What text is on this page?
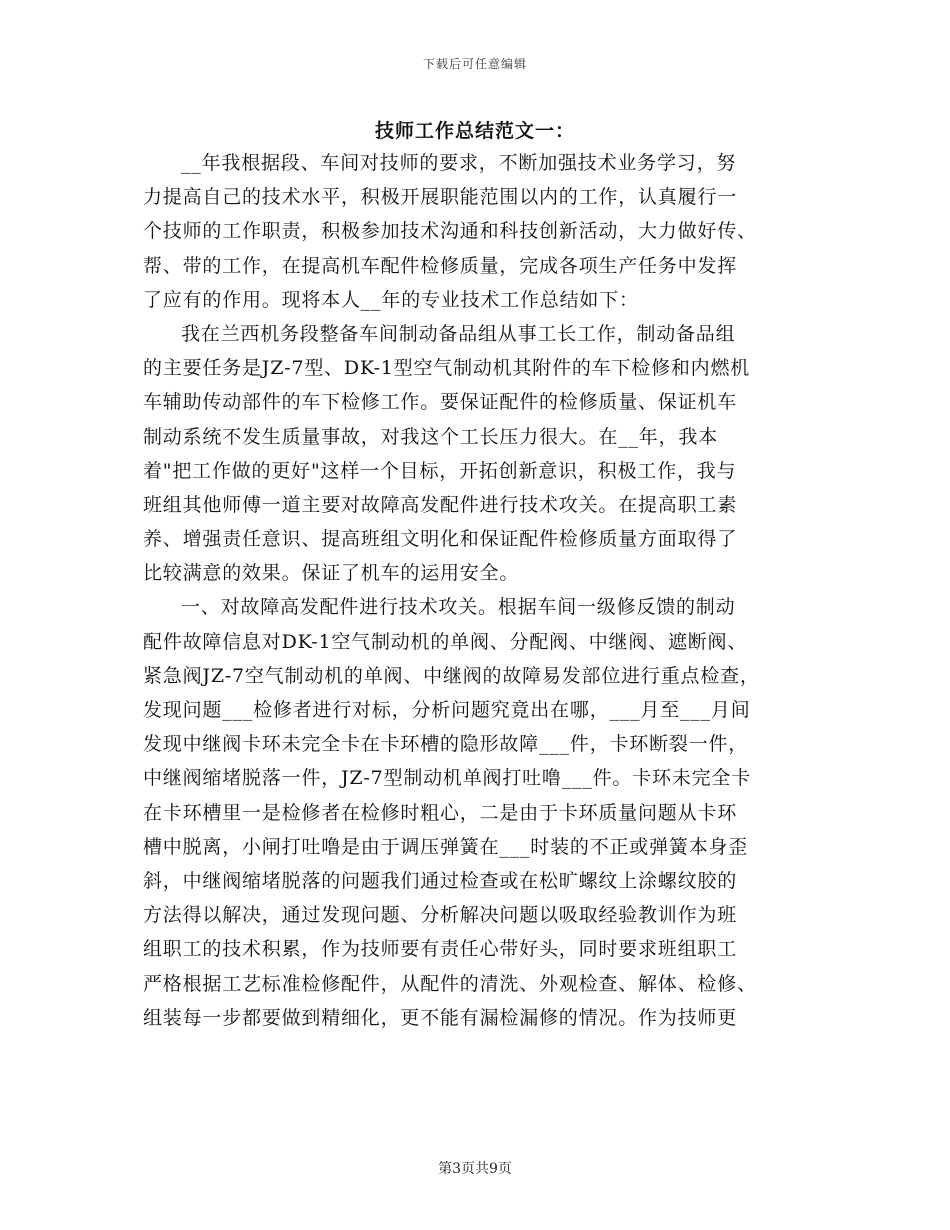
下载后可任意编辑
技师工作总结范文一：
__年我根据段、车间对技师的要求，不断加强技术业务学习，努
力提高自己的技术水平，积极开展职能范围以内的工作，认真履行一
个技师的工作职责，积极参加技术沟通和科技创新活动，大力做好传、
帮、带的工作，在提高机车配件检修质量，完成各项生产任务中发挥
了应有的作用。现将本人__年的专业技术工作总结如下：
我在兰西机务段整备车间制动备品组从事工长工作，制动备品组
的主要任务是JZ-7型、DK-1型空气制动机其附件的车下检修和内燃机
车辅助传动部件的车下检修工作。要保证配件的检修质量、保证机车
制动系统不发生质量事故，对我这个工长压力很大。在__年，我本
着"把工作做的更好"这样一个目标，开拓创新意识，积极工作，我与
班组其他师傅一道主要对故障高发配件进行技术攻关。在提高职工素
养、增强责任意识、提高班组文明化和保证配件检修质量方面取得了
比较满意的效果。保证了机车的运用安全。
一、对故障高发配件进行技术攻关。根据车间一级修反馈的制动
配件故障信息对DK-1空气制动机的单阀、分配阀、中继阀、遮断阀、
紧急阀JZ-7空气制动机的单阀、中继阀的故障易发部位进行重点检查，
发现问题___检修者进行对标，分析问题究竟出在哪，___月至___月间
发现中继阀卡环未完全卡在卡环槽的隐形故障___件，卡环断裂一件，
中继阀缩堵脱落一件，JZ-7型制动机单阀打吐噜___件。卡环未完全卡
在卡环槽里一是检修者在检修时粗心，二是由于卡环质量问题从卡环
槽中脱离，小闸打吐噜是由于调压弹簧在___时装的不正或弹簧本身歪
斜，中继阀缩堵脱落的问题我们通过检查或在松旷螺纹上涂螺纹胶的
方法得以解决，通过发现问题、分析解决问题以吸取经验教训作为班
组职工的技术积累，作为技师要有责任心带好头，同时要求班组职工
严格根据工艺标准检修配件，从配件的清洗、外观检查、解体、检修、
组装每一步都要做到精细化，更不能有漏检漏修的情况。作为技师更
第3页共9页
